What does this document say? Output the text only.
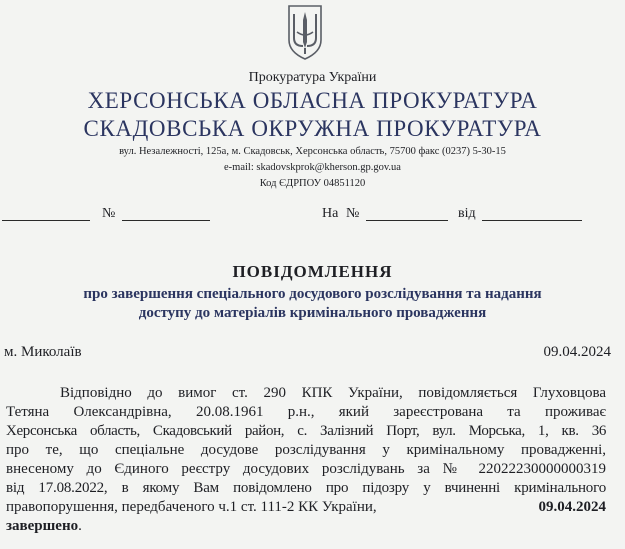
Прокуратура України
ХЕРСОНСЬКА ОБЛАСНА ПРОКУРАТУРА
СКАДОВСЬКА ОКРУЖНА ПРОКУРАТУРА
вул. Незалежності, 125а, м. Скадовськ, Херсонська область, 75700 факс (0237) 5-30-15
e-mail: skadovskprok@kherson.gp.gov.ua
Код ЄДРПОУ 04851120
№	На №	від
ПОВІДОМЛЕННЯ
про завершення спеціального досудового розслідування та надання
доступу до матеріалів кримінального провадження
м. Миколаїв	09.04.2024
Відповідно до вимог ст. 290 КПК України, повідомляється Глуховцова
Тетяна Олександрівна, 20.08.1961 р.н., який зареєстрована та проживає
Херсонська область, Скадовський район, с. Залізний Порт, вул. Морська, 1, кв. 36
про те, що спеціальне досудове розслідування у кримінальному провадженні,
внесеному до Єдиного реєстру досудових розслідувань за № 22022230000000319
від 17.08.2022, в якому Вам повідомлено про підозру у вчиненні кримінального
правопорушення, передбаченого ч.1 ст. 111-2 КК України,	09.04.2024
завершено.
